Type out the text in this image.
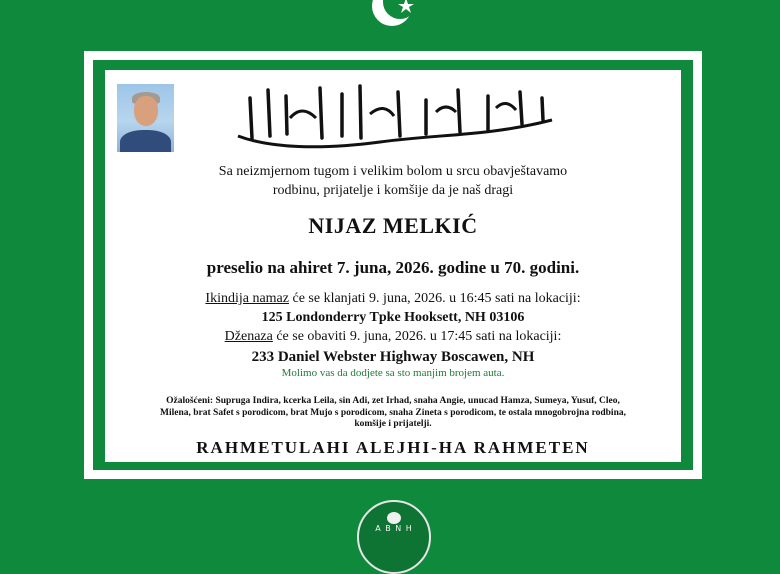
بسم الله الرحمن الرحيم
Sa neizmjernom tugom i velikim bolom u srcu obavještavamo
rodbinu, prijatelje i komšije da je naš dragi
NIJAZ MELKIĆ
preselio na ahiret 7. juna, 2026. godine u 70. godini.
Ikindija namaz će se klanjati 9. juna, 2026. u 16:45 sati na lokaciji:
125 Londonderry Tpke Hooksett, NH 03106
Dženaza će se obaviti 9. juna, 2026. u 17:45 sati na lokaciji:
233 Daniel Webster Highway Boscawen, NH
Molimo vas da dodjete sa sto manjim brojem auta.
Ožalošćeni: Supruga Indira, kcerka Leila, sin Adi, zet Irhad, snaha Angie, unucad Hamza, Sumeya, Yusuf, Cleo, Milena, brat Safet s porodicom, brat Mujo s porodicom, snaha Zineta s porodicom, te ostala mnogobrojna rodbina, komšije i prijatelji.
RAHMETULAHI ALEJHI-HA RAHMETEN
A B N H
